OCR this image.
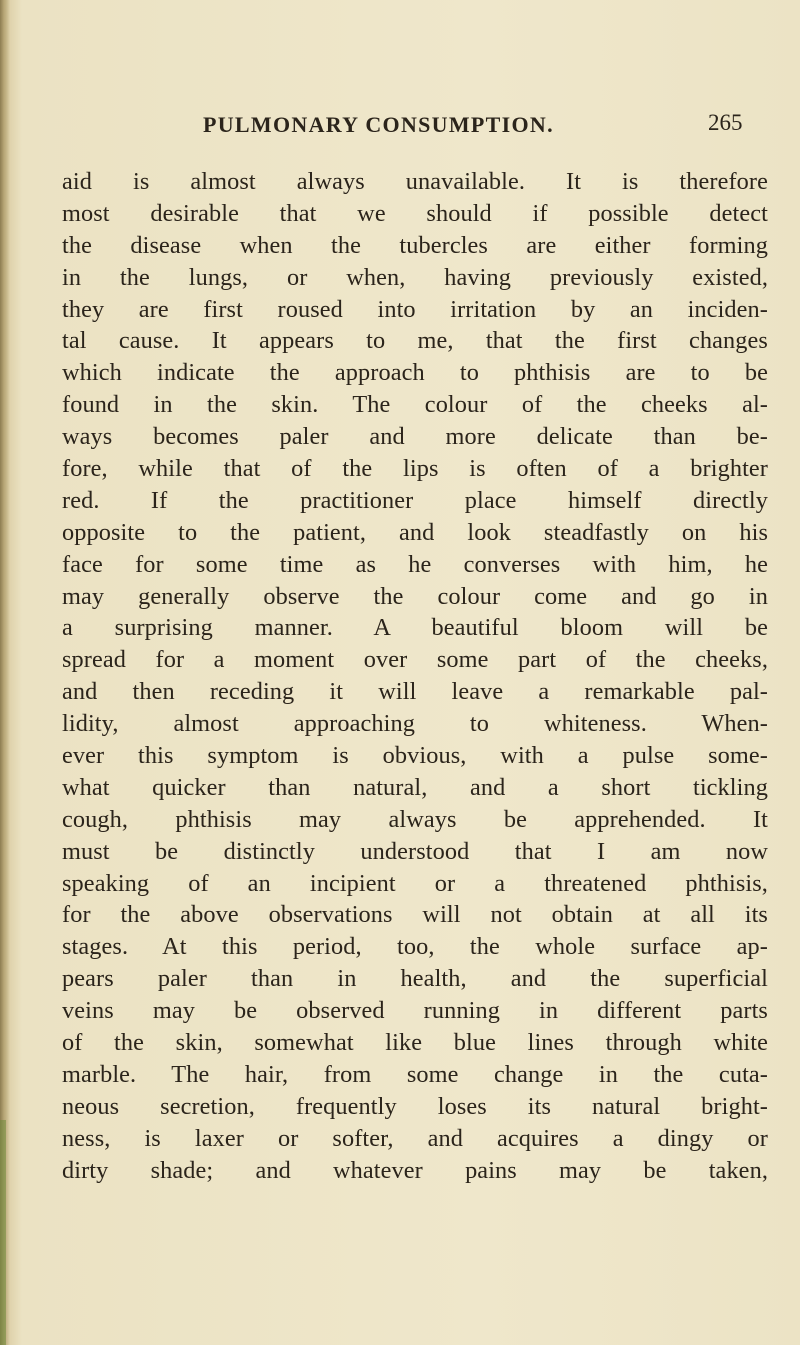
PULMONARY CONSUMPTION.	265
aid is almost always unavailable. It is therefore
most desirable that we should if possible detect
the disease when the tubercles are either forming
in the lungs, or when, having previously existed,
they are first roused into irritation by an inciden-
tal cause. It appears to me, that the first changes
which indicate the approach to phthisis are to be
found in the skin. The colour of the cheeks al-
ways becomes paler and more delicate than be-
fore, while that of the lips is often of a brighter
red. If the practitioner place himself directly
opposite to the patient, and look steadfastly on his
face for some time as he converses with him, he
may generally observe the colour come and go in
a surprising manner. A beautiful bloom will be
spread for a moment over some part of the cheeks,
and then receding it will leave a remarkable pal-
lidity, almost approaching to whiteness. When-
ever this symptom is obvious, with a pulse some-
what quicker than natural, and a short tickling
cough, phthisis may always be apprehended. It
must be distinctly understood that I am now
speaking of an incipient or a threatened phthisis,
for the above observations will not obtain at all its
stages. At this period, too, the whole surface ap-
pears paler than in health, and the superficial
veins may be observed running in different parts
of the skin, somewhat like blue lines through white
marble. The hair, from some change in the cuta-
neous secretion, frequently loses its natural bright-
ness, is laxer or softer, and acquires a dingy or
dirty shade; and whatever pains may be taken,
